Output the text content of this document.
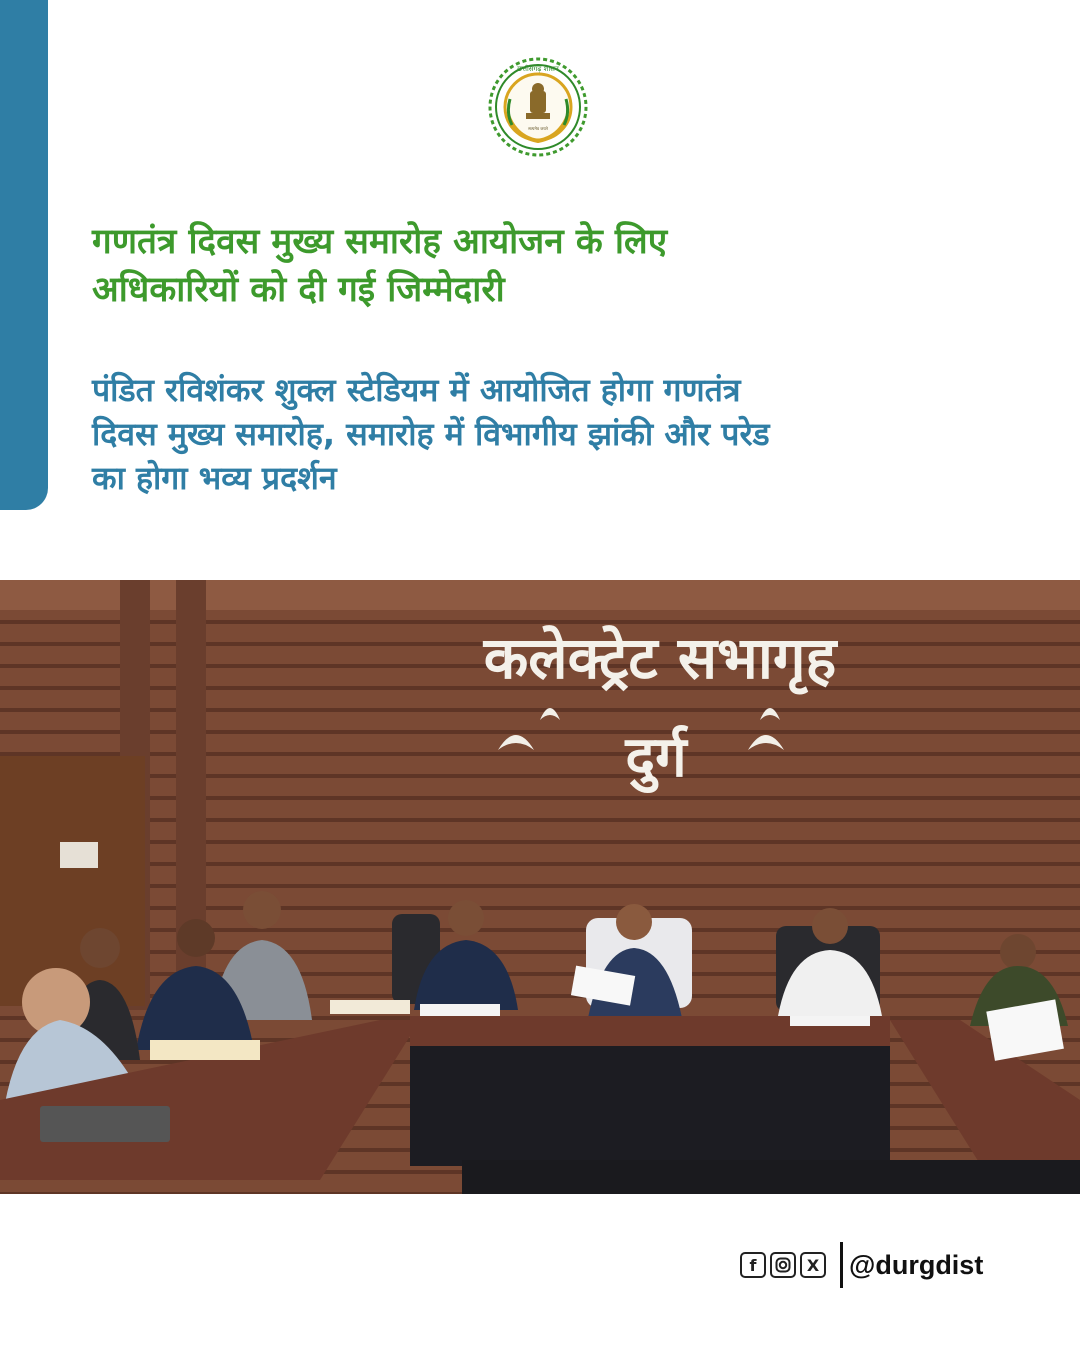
छत्तीसगढ़ शासन
सत्यमेव जयते
गणतंत्र दिवस मुख्य समारोह आयोजन के लिए
अधिकारियों को दी गई जिम्मेदारी
पंडित रविशंकर शुक्ल स्टेडियम में आयोजित होगा गणतंत्र
दिवस मुख्य समारोह, समारोह में विभागीय झांकी और परेड
का होगा भव्य प्रदर्शन
कलेक्ट्रेट सभागृह
दुर्ग
f	X @durgdist
